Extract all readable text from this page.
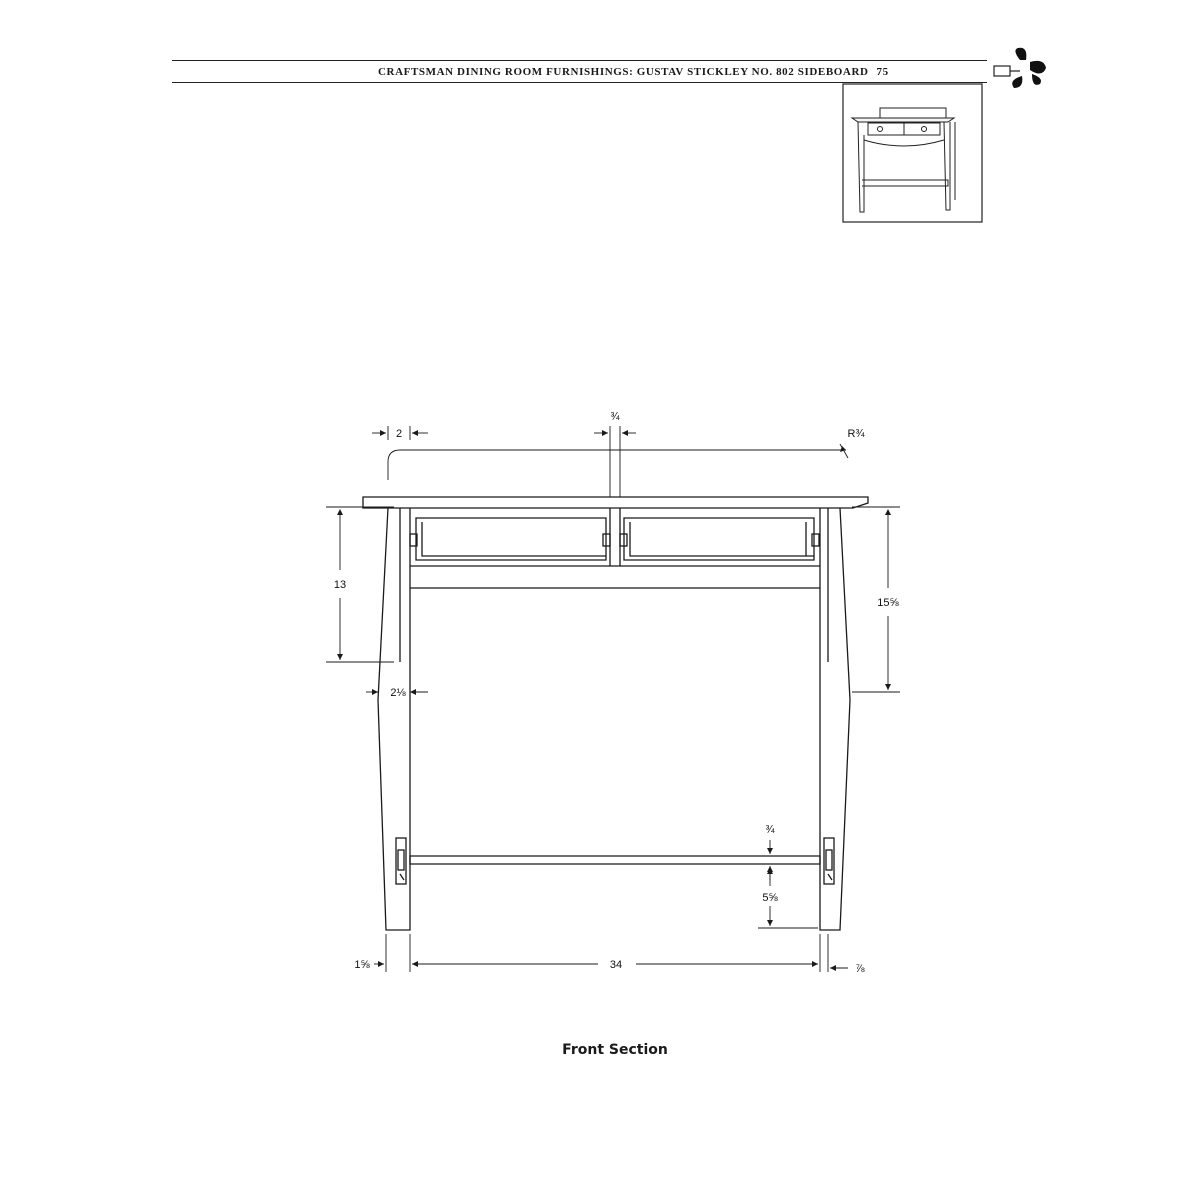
CRAFTSMAN DINING ROOM FURNISHINGS: GUSTAV STICKLEY NO. 802 SIDEBOARD 75
2
¾
R¾
13
15⅝
2⅛
¾
5⅝
1⅝	34	⅞
Front Section
